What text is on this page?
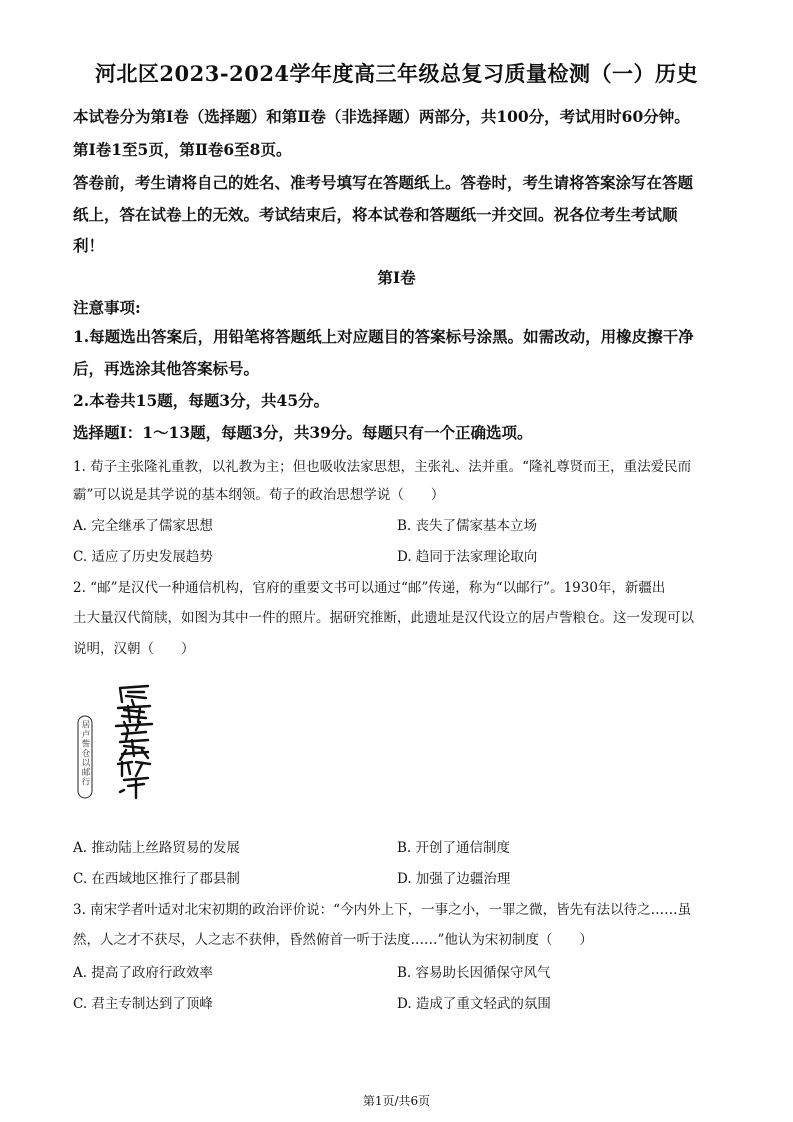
河北区2023-2024学年度高三年级总复习质量检测（一）历史
本试卷分为第Ⅰ卷（选择题）和第Ⅱ卷（非选择题）两部分，共100分，考试用时60分钟。
第Ⅰ卷1至5页，第Ⅱ卷6至8页。
答卷前，考生请将自己的姓名、准考号填写在答题纸上。答卷时，考生请将答案涂写在答题
纸上，答在试卷上的无效。考试结束后，将本试卷和答题纸一并交回。祝各位考生考试顺
利！
第Ⅰ卷
注意事项:
1.每题选出答案后，用铅笔将答题纸上对应题目的答案标号涂黑。如需改动，用橡皮擦干净
后，再选涂其他答案标号。
2.本卷共15题，每题3分，共45分。
选择题Ⅰ：1～13题，每题3分，共39分。每题只有一个正确选项。
1. 荀子主张隆礼重教，以礼教为主；但也吸收法家思想，主张礼、法并重。“隆礼尊贤而王，重法爱民而
霸”可以说是其学说的基本纲领。荀子的政治思想学说（　　）
A. 完全继承了儒家思想	B. 丧失了儒家基本立场
C. 适应了历史发展趋势	D. 趋同于法家理论取向
2. “邮”是汉代一种通信机构，官府的重要文书可以通过“邮”传递，称为“以邮行”。1930年，新疆出
土大量汉代简牍，如图为其中一件的照片。据研究推断，此遗址是汉代设立的居卢訾粮仓。这一发现可以
说明，汉朝（　　）
居卢訾仓以邮行
A. 推动陆上丝路贸易的发展	B. 开创了通信制度
C. 在西域地区推行了郡县制	D. 加强了边疆治理
3. 南宋学者叶适对北宋初期的政治评价说：“今内外上下，一事之小，一罪之微，皆先有法以待之……虽
然，人之才不获尽，人之志不获伸，昏然俯首一听于法度……”他认为宋初制度（　　）
A. 提高了政府行政效率	B. 容易助长因循保守风气
C. 君主专制达到了顶峰	D. 造成了重文轻武的氛围
第1页/共6页
